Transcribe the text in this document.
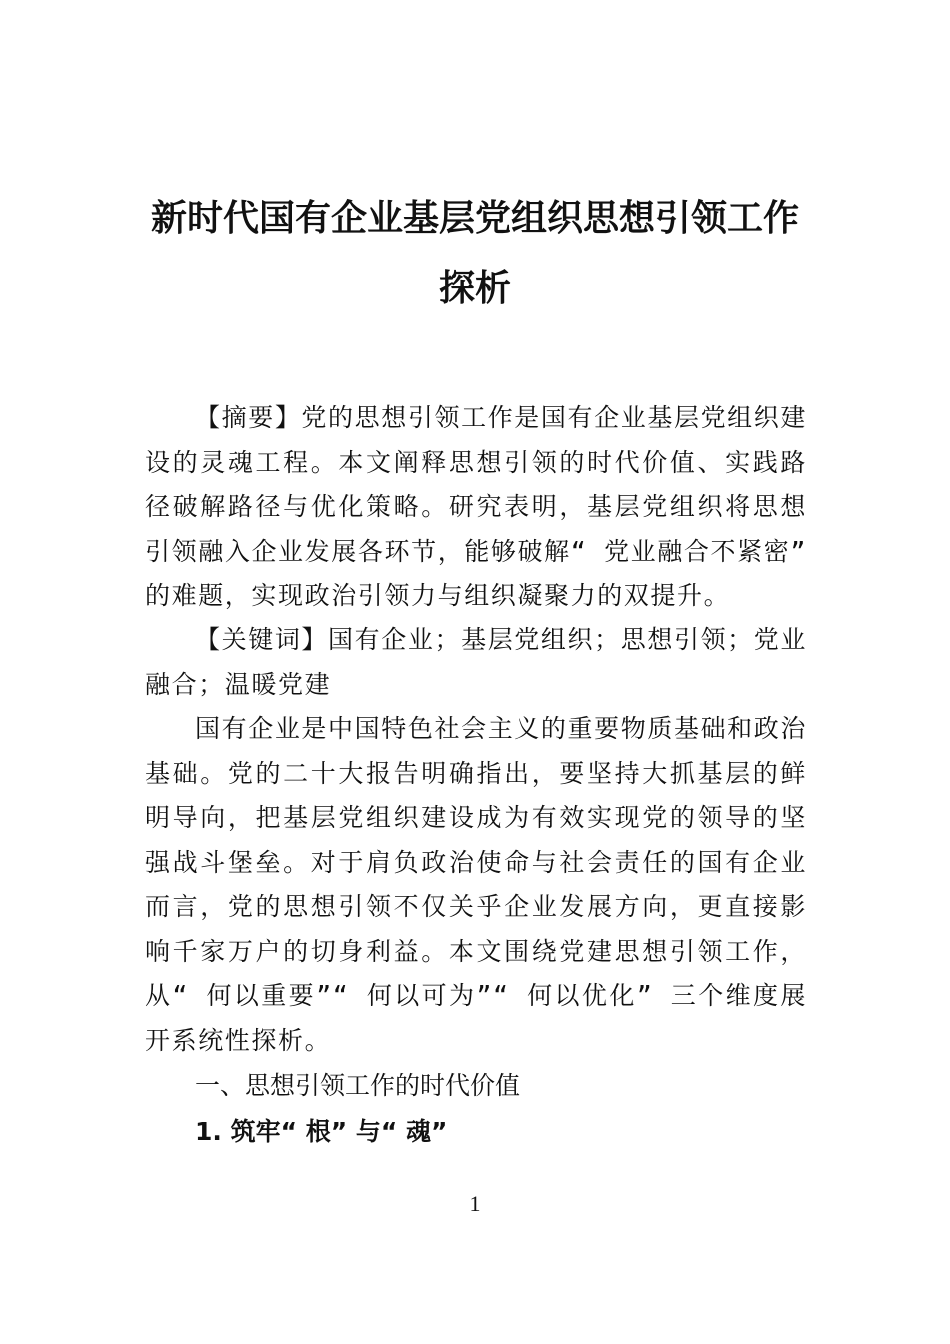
新时代国有企业基层党组织思想引领工作
探析

【摘要】党的思想引领工作是国有企业基层党组织建设的灵魂工程。本文阐释思想引领的时代价值、实践路径破解路径与优化策略。研究表明，基层党组织将思想引领融入企业发展各环节，能够破解“ 党业融合不紧密” 的难题，实现政治引领力与组织凝聚力的双提升。

【关键词】国有企业；基层党组织；思想引领；党业融合；温暖党建

国有企业是中国特色社会主义的重要物质基础和政治基础。党的二十大报告明确指出，要坚持大抓基层的鲜明导向，把基层党组织建设成为有效实现党的领导的坚强战斗堡垒。对于肩负政治使命与社会责任的国有企业而言，党的思想引领不仅关乎企业发展方向，更直接影响千家万户的切身利益。本文围绕党建思想引领工作，从“ 何以重要”“ 何以可为”“ 何以优化” 三个维度展开系统性探析。

一、思想引领工作的时代价值
1. 筑牢“ 根” 与“ 魂”
1
